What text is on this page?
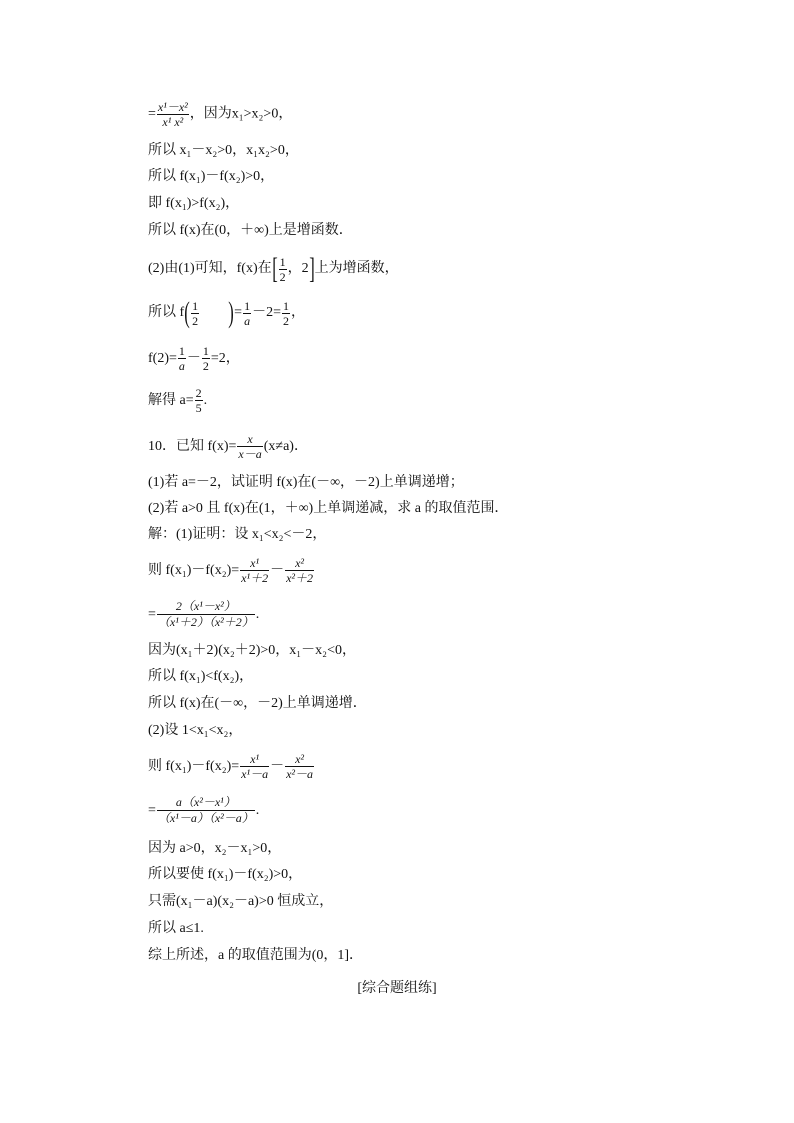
= $\frac{\text{x¹－x²}}{\text{x¹ x²}}$ ，因为x₁>x₂>0，
所以 x₁－x₂>0，x₁x₂>0，
所以 f(x₁)－f(x₂)>0，
即 f(x₁)>f(x₂)，
所以 f(x)在(0，＋∞)上是增函数．
(2)由(1)可知，f(x)在[ $\frac{1}{2}$ ，2]上为增函数，
所以 $f( \frac{1}{2}$ )= $\frac{1}{a} -2= \frac{1}{2}$ ，
$f(2)= \frac{1}{a} - \frac{1}{2} =2$，
解得 $a= \frac{2}{5}$ .
10．已知 $f(x)= \frac{x}{x-a} (x\ne a)$．
(1)若 a=－2，试证明 f(x)在(－∞，－2)上单调递增；
(2)若 a>0 且 f(x)在(1，＋∞)上单调递减，求 a 的取值范围．
解：(1)证明：设 x₁<x₂<－2，
则 $f(x_1)-f(x_2)= \frac{\text{x¹}}{\text{x¹＋2}} - \frac{\text{x²}}{\text{x²＋2}}$
= $\frac{\text{2（x¹－x²）}}{\text{（x¹＋2）（x²＋2）}}$ .
因为(x₁＋2)(x₂＋2)>0，x₁－x₂<0，
所以 f(x₁)<f(x₂)，
所以 f(x)在(－∞，－2)上单调递增．
(2)设 1<x₁<x₂，
则 $f(x_1)-f(x_2)= \frac{\text{x¹}}{\text{x¹－a}} - \frac{\text{x²}}{\text{x²－a}}$
= $\frac{\text{a（x²－x¹）}}{\text{（x¹－a）（x²－a）}}$ .
因为 a>0，x₂－x₁>0，
所以要使 f(x₁)－f(x₂)>0，
只需(x₁－a)(x₂－a)>0 恒成立，
所以 a≤1.
综上所述，a 的取值范围为(0，1]．
[综合题组练]
